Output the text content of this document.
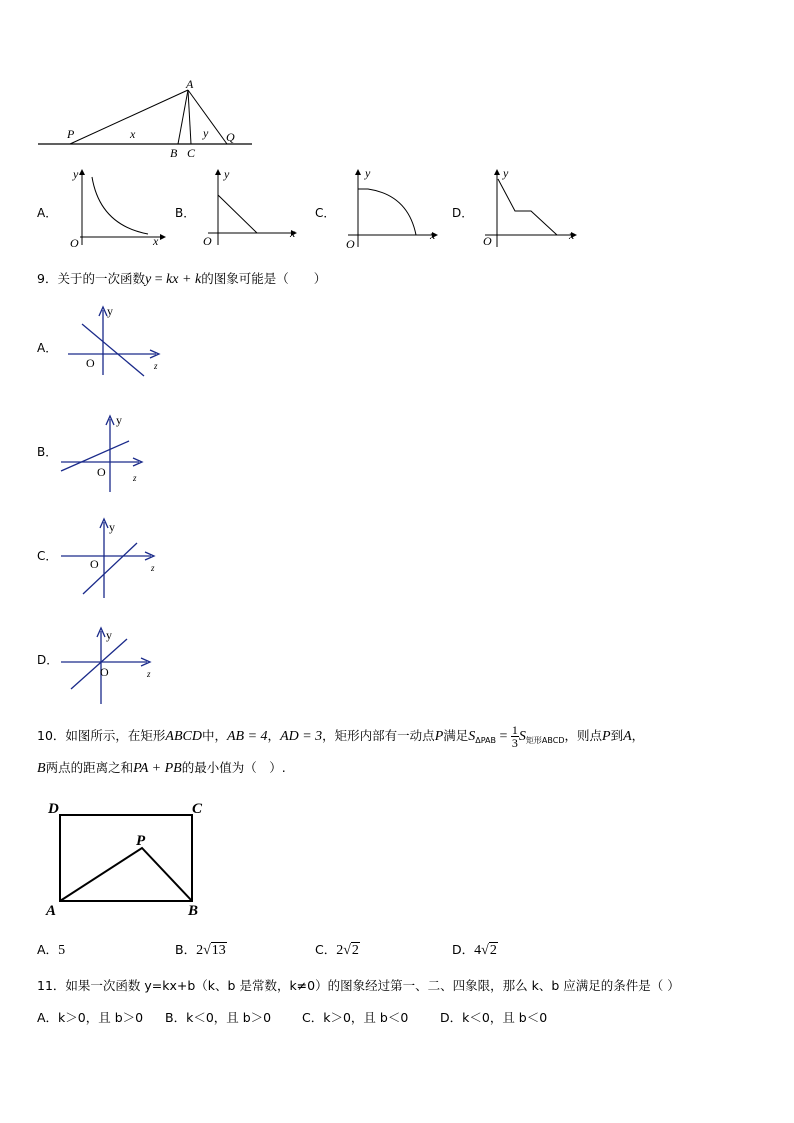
A
P	x	y Q
B C
A．
y
x
O
B．
y
x
O
C．
y
x
O
D．
y
x
O
9．关于的一次函数y = kx + k的图象可能是（　　）
A．
y
z
O
B．
y
z
O
C．
y
z
O
D．
y
z
O
10．如图所示，在矩形ABCD中，AB = 4，AD = 3，矩形内部有一动点P满足$S_{\Delta PAB} = \frac{1}{3} S_{矩形ABCD}$，则点P到A，
B两点的距离之和PA + PB的最小值为（　）.
D	C
P
A	B
A．5	B．2√13	C．2√2	D．4√2
11．如果一次函数 y=kx+b（k、b 是常数，k≠0）的图象经过第一、二、四象限，那么 k、b 应满足的条件是（ ）
A．k＞0，且 b＞0 B．k＜0，且 b＞0 C．k＞0，且 b＜0	D．k＜0，且 b＜0
